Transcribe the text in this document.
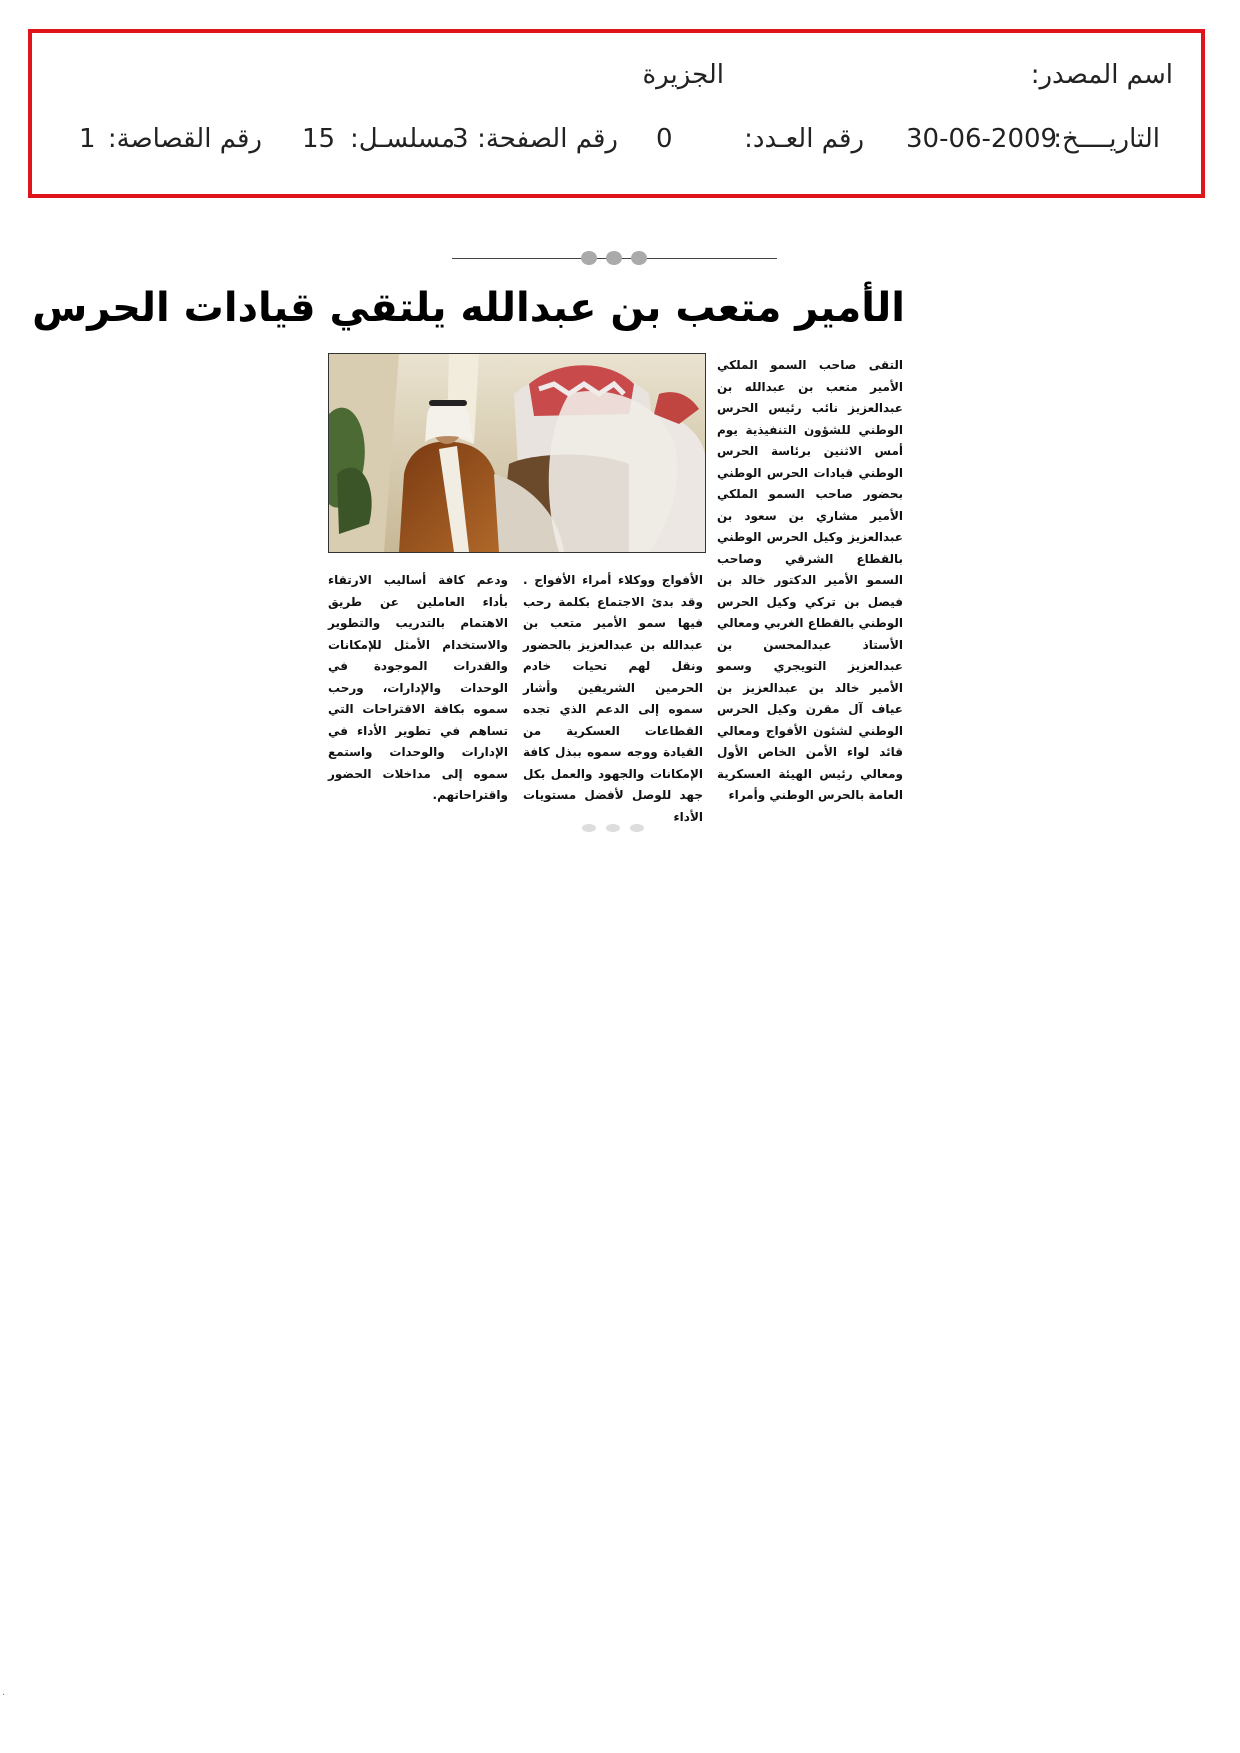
اسم المصدر:
الجزيرة
التاريــــخ:
30-06-2009
رقم العـدد:
0
رقم الصفحة:
3
مسلسـل:
15
رقم القصاصة:
1
الأمير متعب بن عبدالله يلتقي قيادات الحرس
التقى صاحب السمو الملكي الأمير متعب بن عبدالله بن عبدالعزيز نائب رئيس الحرس الوطني للشؤون التنفيذية يوم أمس الاثنين برئاسة الحرس الوطني قيادات الحرس الوطني بحضور صاحب السمو الملكي الأمير مشاري بن سعود بن عبدالعزيز وكيل الحرس الوطني بالقطاع الشرقي وصاحب السمو الأمير الدكتور خالد بن فيصل بن تركي وكيل الحرس الوطني بالقطاع الغربي ومعالي الأستاذ عبدالمحسن بن عبدالعزيز التويجري وسمو الأمير خالد بن عبدالعزيز بن عياف آل مقرن وكيل الحرس الوطني لشئون الأفواج ومعالي قائد لواء الأمن الخاص الأول ومعالي رئيس الهيئة العسكرية العامة بالحرس الوطني وأمراء
الأفواج ووكلاء أمراء الأفواج . وقد بدئ الاجتماع بكلمة رحب فيها سمو الأمير متعب بن عبدالله بن عبدالعزيز بالحضور ونقل لهم تحيات خادم الحرمين الشريفين وأشار سموه إلى الدعم الذي تجده القطاعات العسكرية من القيادة ووجه سموه ببذل كافة الإمكانات والجهود والعمل بكل جهد للوصل لأفضل مستويات الأداء
ودعم كافة أساليب الارتقاء بأداء العاملين عن طريق الاهتمام بالتدريب والتطوير والاستخدام الأمثل للإمكانات والقدرات الموجودة في الوحدات والإدارات، ورحب سموه بكافة الاقتراحات التي تساهم في تطوير الأداء في الإدارات والوحدات واستمع سموه إلى مداخلات الحضور واقتراحاتهم.
·
